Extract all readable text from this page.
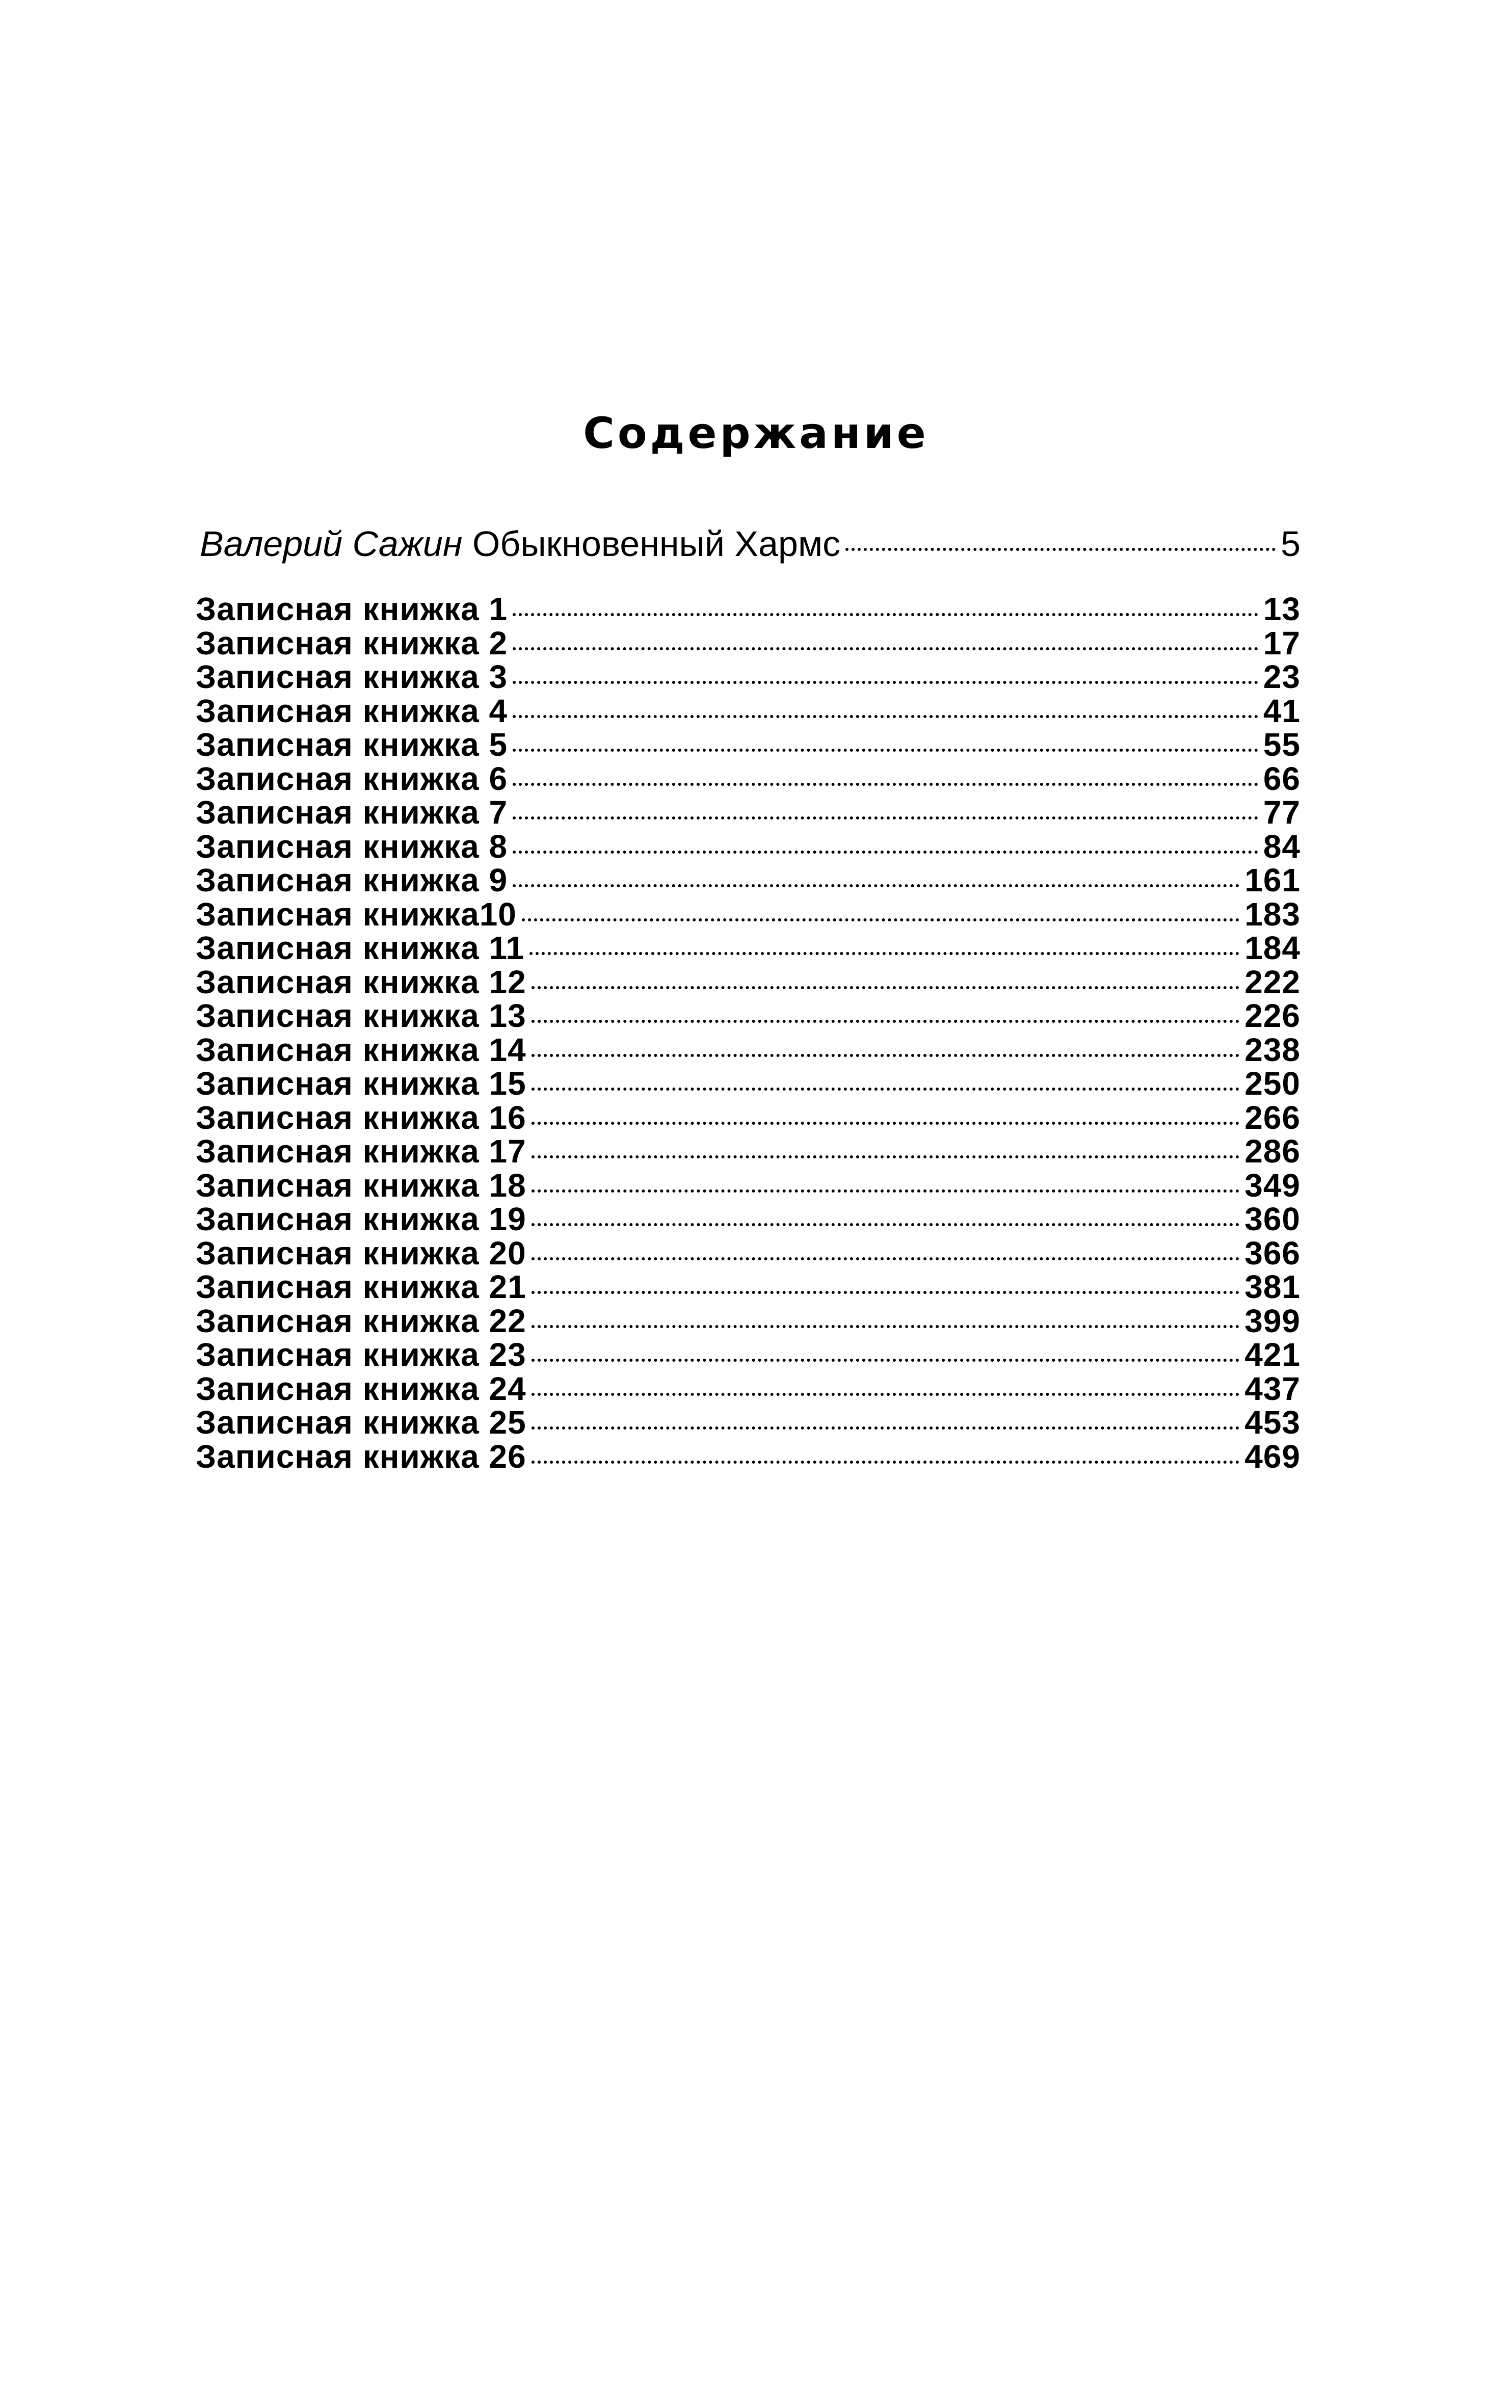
Содержание
Валерий Сажин Обыкновенный Хармс	5
Записная книжка 1	13
Записная книжка 2	17
Записная книжка 3	23
Записная книжка 4	41
Записная книжка 5	55
Записная книжка 6	66
Записная книжка 7	77
Записная книжка 8	84
Записная книжка 9	161
Записная книжка10	183
Записная книжка 11	184
Записная книжка 12	222
Записная книжка 13	226
Записная книжка 14	238
Записная книжка 15	250
Записная книжка 16	266
Записная книжка 17	286
Записная книжка 18	349
Записная книжка 19	360
Записная книжка 20	366
Записная книжка 21	381
Записная книжка 22	399
Записная книжка 23	421
Записная книжка 24	437
Записная книжка 25	453
Записная книжка 26	469
